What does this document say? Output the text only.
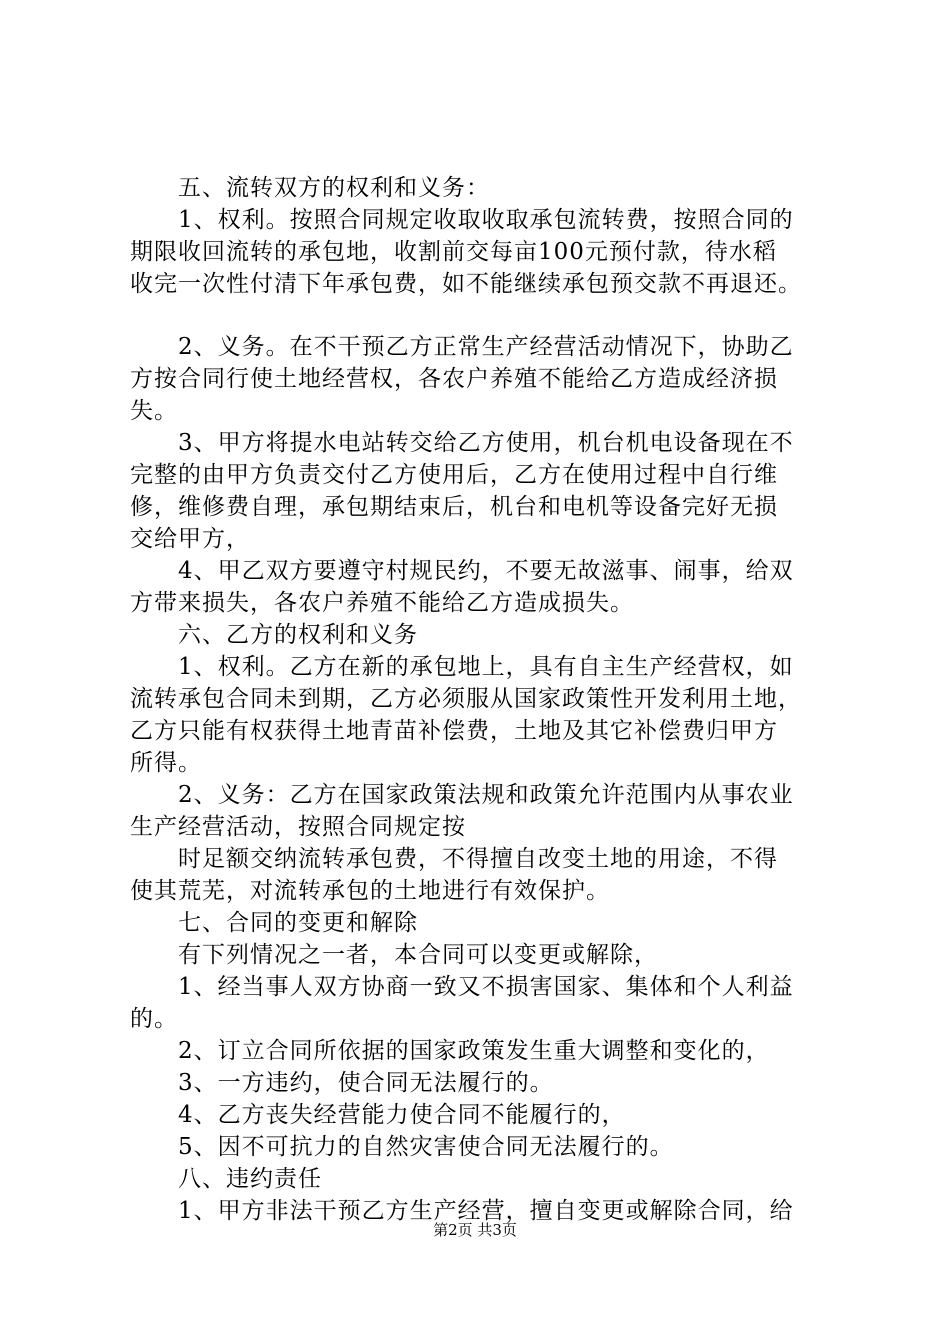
　　五、流转双方的权利和义务：
　　1、权利。按照合同规定收取收取承包流转费，按照合同的
期限收回流转的承包地，收割前交每亩100元预付款，待水稻
收完一次性付清下年承包费，如不能继续承包预交款不再退还。
　　2、义务。在不干预乙方正常生产经营活动情况下，协助乙
方按合同行使土地经营权，各农户养殖不能给乙方造成经济损
失。
　　3、甲方将提水电站转交给乙方使用，机台机电设备现在不
完整的由甲方负责交付乙方使用后，乙方在使用过程中自行维
修，维修费自理，承包期结束后，机台和电机等设备完好无损
交给甲方，
　　4、甲乙双方要遵守村规民约，不要无故滋事、闹事，给双
方带来损失，各农户养殖不能给乙方造成损失。
　　六、乙方的权利和义务
　　1、权利。乙方在新的承包地上，具有自主生产经营权，如
流转承包合同未到期，乙方必须服从国家政策性开发利用土地，
乙方只能有权获得土地青苗补偿费，土地及其它补偿费归甲方
所得。
　　2、义务：乙方在国家政策法规和政策允许范围内从事农业
生产经营活动，按照合同规定按
　　时足额交纳流转承包费，不得擅自改变土地的用途，不得
使其荒芜，对流转承包的土地进行有效保护。
　　七、合同的变更和解除
　　有下列情况之一者，本合同可以变更或解除，
　　1、经当事人双方协商一致又不损害国家、集体和个人利益
的。
　　2、订立合同所依据的国家政策发生重大调整和变化的，
　　3、一方违约，使合同无法履行的。
　　4、乙方丧失经营能力使合同不能履行的，
　　5、因不可抗力的自然灾害使合同无法履行的。
　　八、违约责任
　　1、甲方非法干预乙方生产经营，擅自变更或解除合同，给
第2页 共3页
